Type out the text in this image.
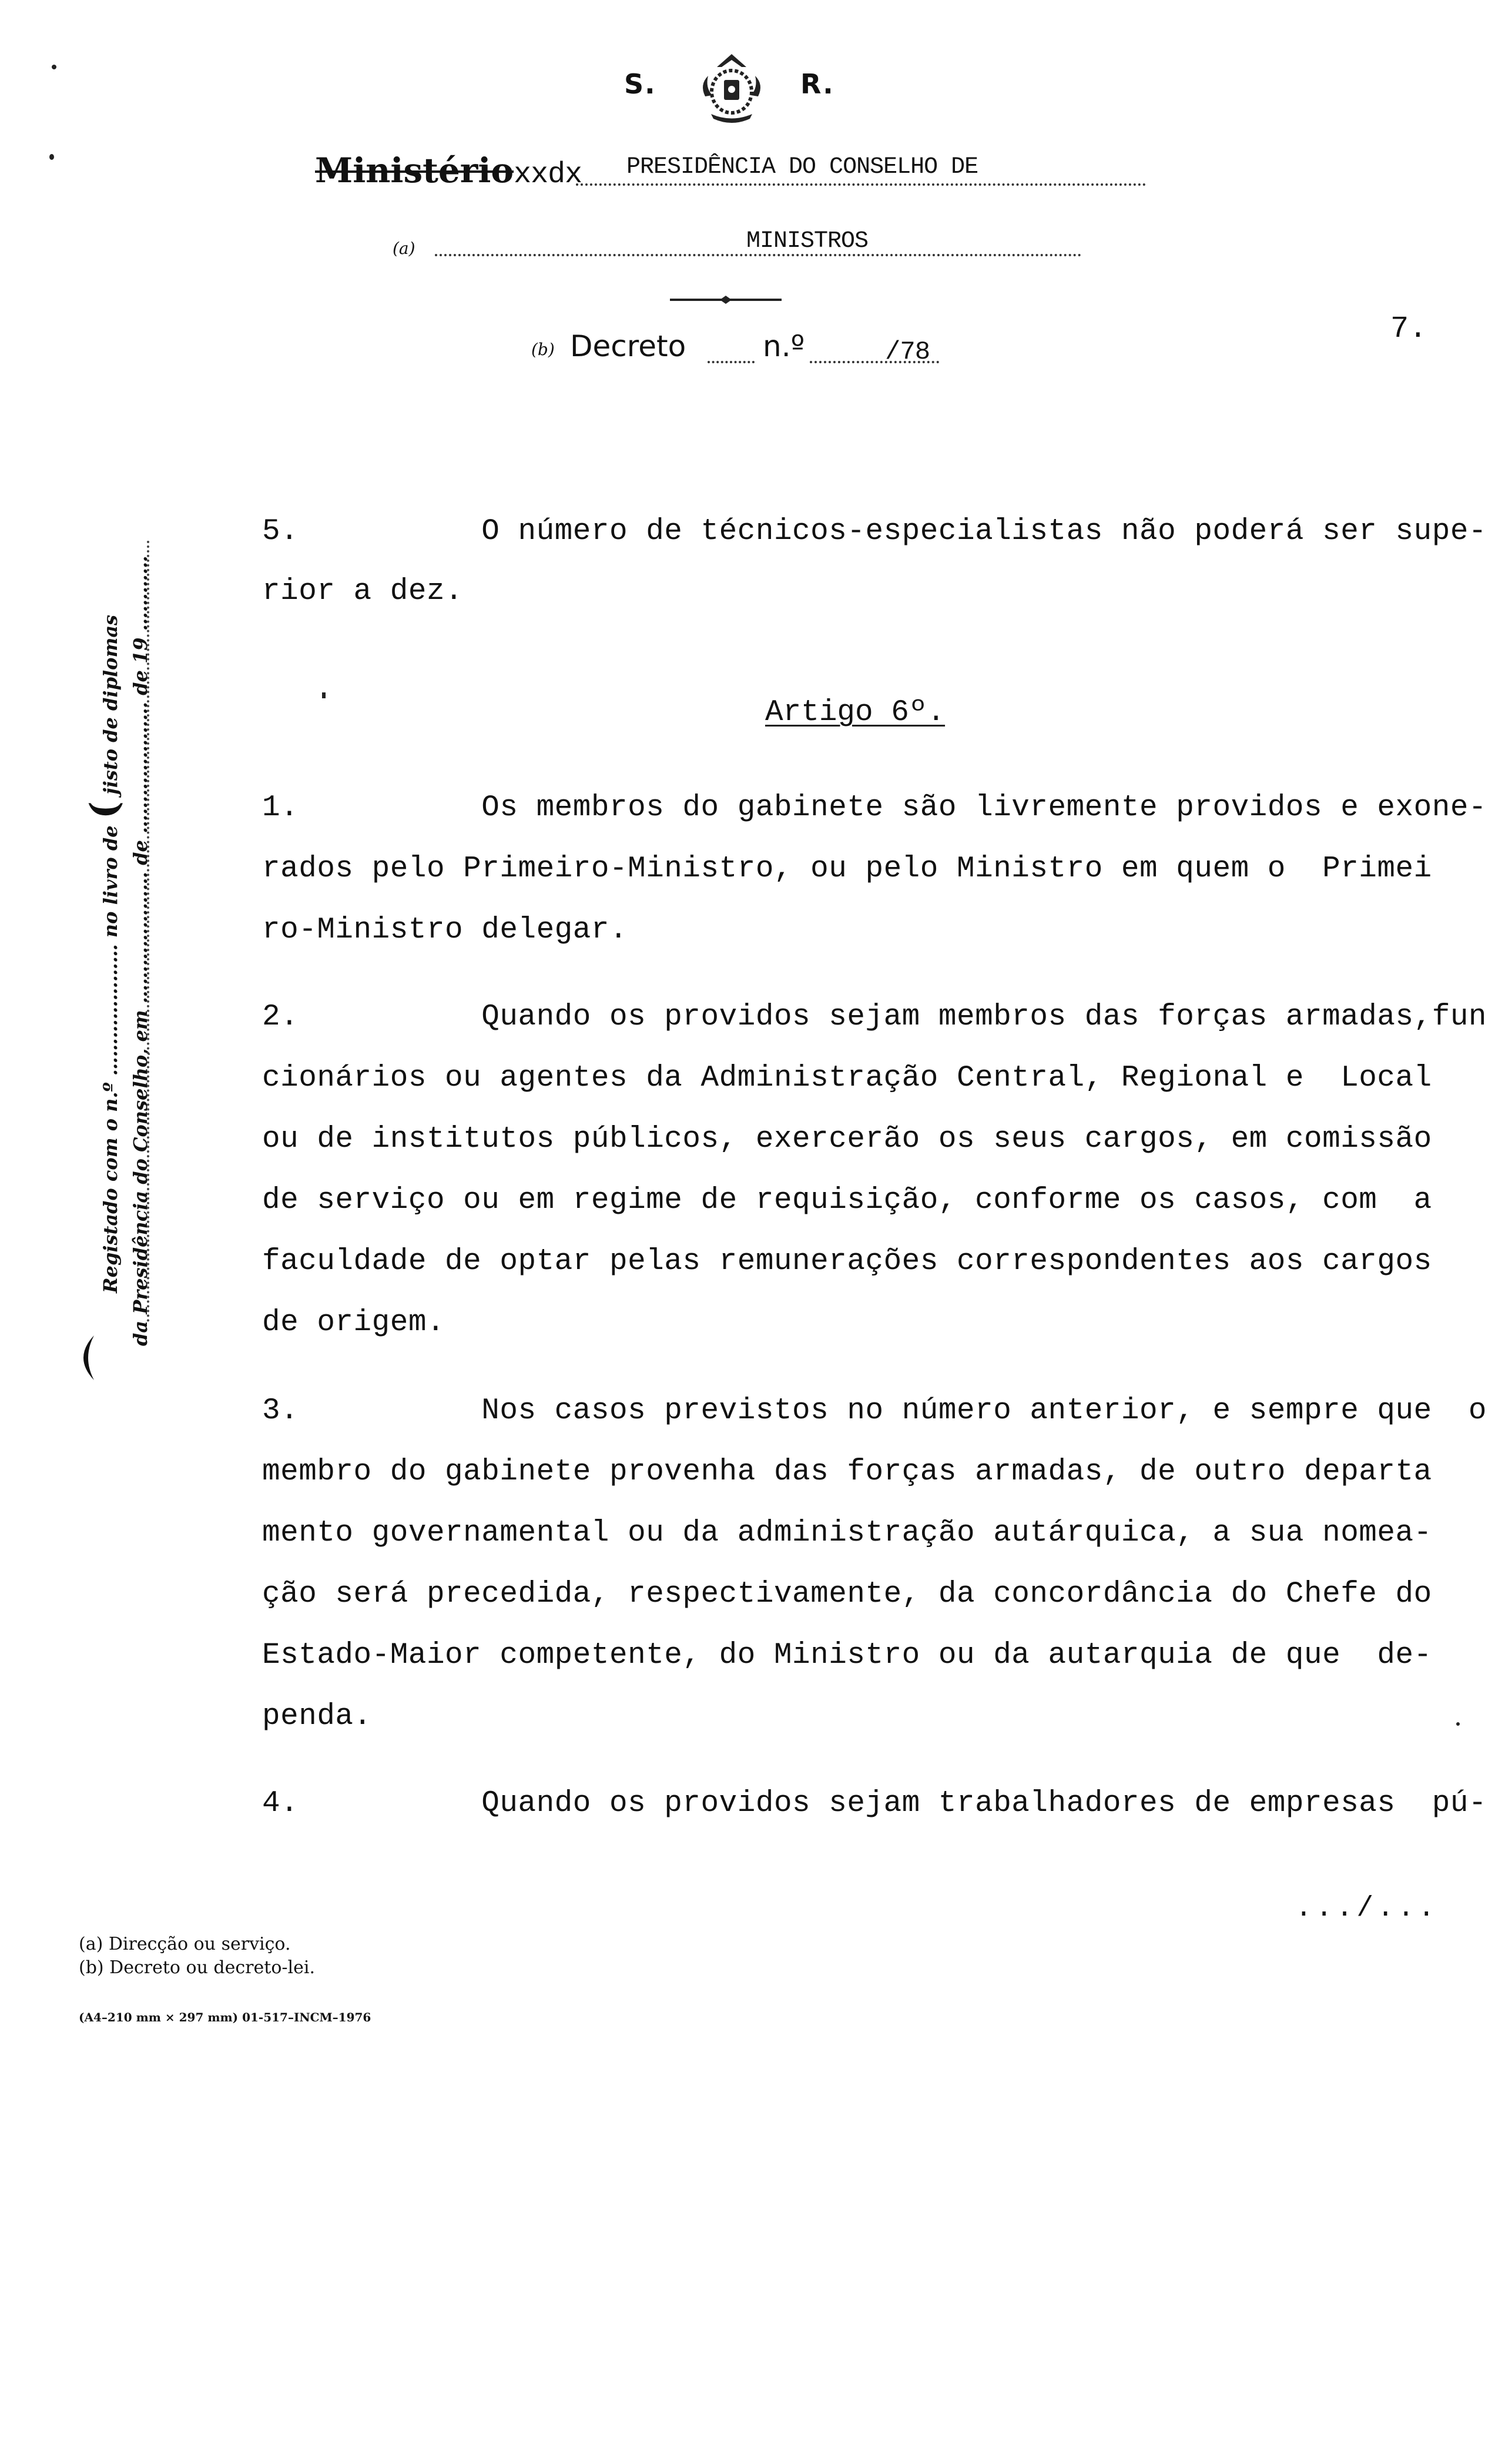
S.	R.
Ministérioxxdx PRESIDÊNCIA DO CONSELHO DE
(a)	MINISTROS
(b) Decreto	n.º	/78
7.
Registado com o n.º ………………… no livro de ( jisto de diplomas da Presidência do Conselho, em ………………… de ………………… de 19 …………
5.          O número de técnicos-especialistas não poderá ser supe-
rior a dez.
Artigo 6º.
1.          Os membros do gabinete são livremente providos e exone-
rados pelo Primeiro-Ministro, ou pelo Ministro em quem o  Primei
ro-Ministro delegar.
2.          Quando os providos sejam membros das forças armadas,fun
cionários ou agentes da Administração Central, Regional e  Local
ou de institutos públicos, exercerão os seus cargos, em comissão
de serviço ou em regime de requisição, conforme os casos, com  a
faculdade de optar pelas remunerações correspondentes aos cargos
de origem.
3.          Nos casos previstos no número anterior, e sempre que  o
membro do gabinete provenha das forças armadas, de outro departa
mento governamental ou da administração autárquica, a sua nomea-
ção será precedida, respectivamente, da concordância do Chefe do
Estado-Maior competente, do Ministro ou da autarquia de que  de-
penda.
4.          Quando os providos sejam trabalhadores de empresas  pú-
.../...
(a) Direcção ou serviço.
(b) Decreto ou decreto-lei.
(A4–210 mm × 297 mm) 01-517–INCM–1976
